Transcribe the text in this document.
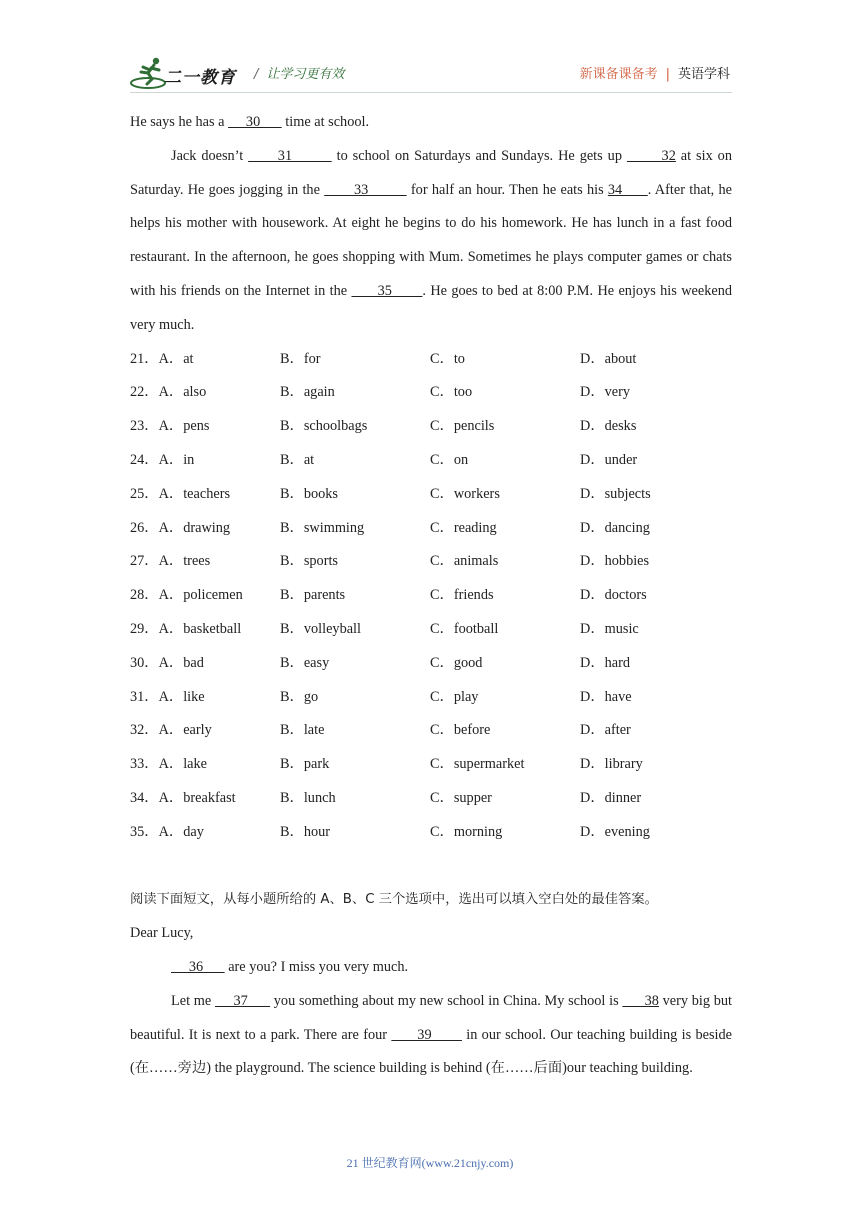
二一教育 / 让学习更有效	新课备课备考 | 英语学科
He says he has a      30       time at school.
Jack doesn’t       31         to school on Saturdays and Sundays. He gets up        32 at six on Saturday. He goes jogging in the        33          for half an hour. Then he eats his 34      . After that, he helps his mother with housework. At eight he begins to do his homework. He has lunch in a fast food restaurant. In the afternoon, he goes shopping with Mum. Sometimes he plays computer games or chats with his friends on the Internet in the       35       . He goes to bed at 8:00 P.M. He enjoys his weekend very much.
21．A．at	B．for	C．to	D．about
22．A．also	B．again	C．too	D．very
23．A．pens	B．schoolbags	C．pencils	D．desks
24．A．in	B．at	C．on	D．under
25．A．teachers	B．books	C．workers	D．subjects
26．A．drawing	B．swimming	C．reading	D．dancing
27．A．trees	B．sports	C．animals	D．hobbies
28．A．policemen	B．parents	C．friends	D．doctors
29．A．basketball	B．volleyball	C．football	D．music
30．A．bad	B．easy	C．good	D．hard
31．A．like	B．go	C．play	D．have
32．A．early	B．late	C．before	D．after
33．A．lake	B．park	C．supermarket	D．library
34．A．breakfast	B．lunch	C．supper	D．dinner
35．A．day	B．hour	C．morning	D．evening
阅读下面短文，从每小题所给的 A、B、C 三个选项中，选出可以填入空白处的最佳答案。
Dear Lucy,
36       are you? I miss you very much.
Let me      37       you something about my new school in China. My school is       38 very big but beautiful. It is next to a park. There are four       39        in our school. Our teaching building is beside (在……旁边) the playground. The science building is behind (在……后面)our teaching building.
21 世纪教育网(www.21cnjy.com)
